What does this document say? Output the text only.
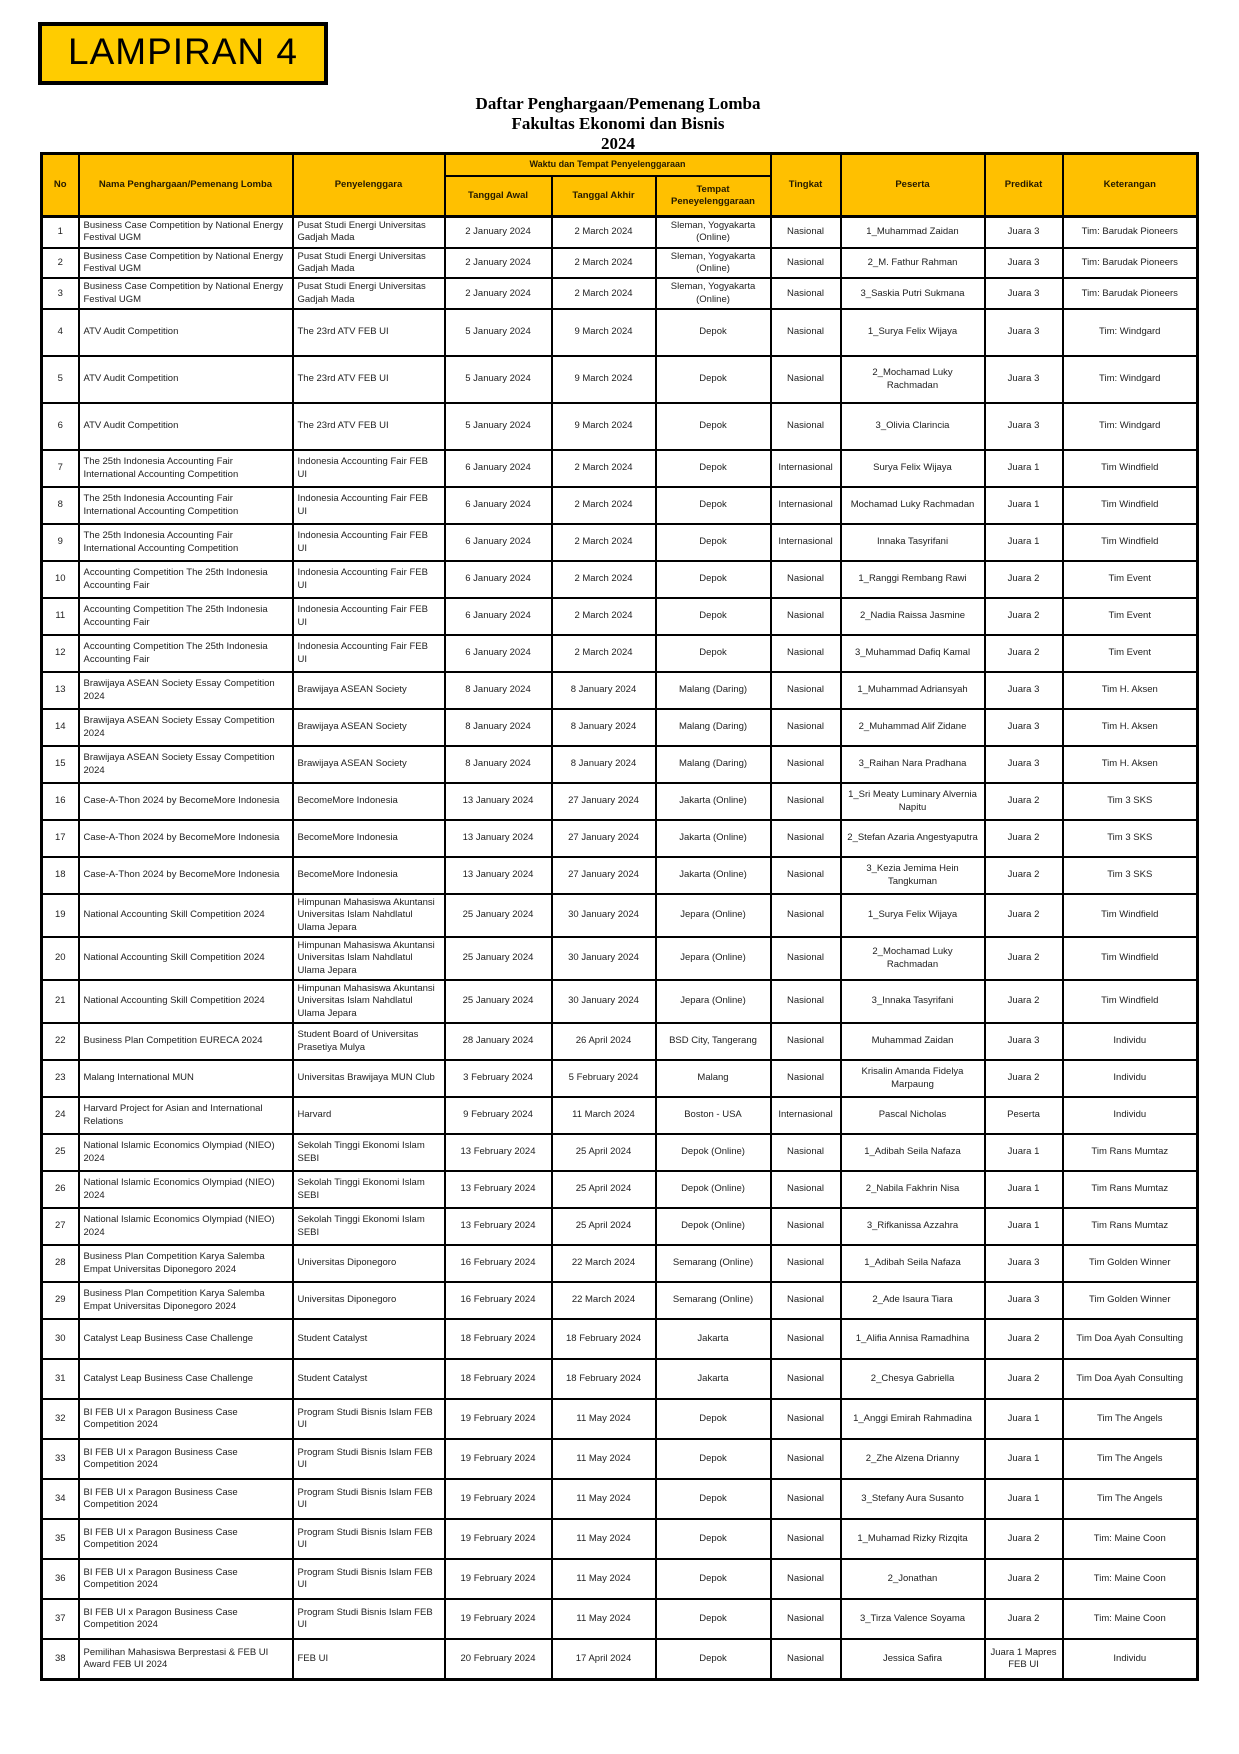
LAMPIRAN 4
Daftar Penghargaan/Pemenang Lomba
Fakultas Ekonomi dan Bisnis
2024
No	Nama Penghargaan/Pemenang Lomba	Penyelenggara	Waktu dan Tempat Penyelenggaraan			Tingkat	Peserta	Predikat	Keterangan
			Tanggal Awal	Tanggal Akhir	Tempat Peneyelenggaraan				
1	Business Case Competition by National Energy Festival UGM	Pusat Studi Energi Universitas Gadjah Mada	2 January 2024	2 March 2024	Sleman, Yogyakarta (Online)	Nasional	1_Muhammad Zaidan	Juara 3	Tim: Barudak Pioneers
2	Business Case Competition by National Energy Festival UGM	Pusat Studi Energi Universitas Gadjah Mada	2 January 2024	2 March 2024	Sleman, Yogyakarta (Online)	Nasional	2_M. Fathur Rahman	Juara 3	Tim: Barudak Pioneers
3	Business Case Competition by National Energy Festival UGM	Pusat Studi Energi Universitas Gadjah Mada	2 January 2024	2 March 2024	Sleman, Yogyakarta (Online)	Nasional	3_Saskia Putri Sukmana	Juara 3	Tim: Barudak Pioneers
4	ATV Audit Competition	The 23rd ATV FEB UI	5 January 2024	9 March 2024	Depok	Nasional	1_Surya Felix Wijaya	Juara 3	Tim: Windgard
5	ATV Audit Competition	The 23rd ATV FEB UI	5 January 2024	9 March 2024	Depok	Nasional	2_Mochamad Luky Rachmadan	Juara 3	Tim: Windgard
6	ATV Audit Competition	The 23rd ATV FEB UI	5 January 2024	9 March 2024	Depok	Nasional	3_Olivia Clarincia	Juara 3	Tim: Windgard
7	The 25th Indonesia Accounting Fair International Accounting Competition	Indonesia Accounting Fair FEB UI	6 January 2024	2 March 2024	Depok	Internasional	Surya Felix Wijaya	Juara 1	Tim Windfield
8	The 25th Indonesia Accounting Fair International Accounting Competition	Indonesia Accounting Fair FEB UI	6 January 2024	2 March 2024	Depok	Internasional	Mochamad Luky Rachmadan	Juara 1	Tim Windfield
9	The 25th Indonesia Accounting Fair International Accounting Competition	Indonesia Accounting Fair FEB UI	6 January 2024	2 March 2024	Depok	Internasional	Innaka Tasyrifani	Juara 1	Tim Windfield
10	Accounting Competition The 25th Indonesia Accounting Fair	Indonesia Accounting Fair FEB UI	6 January 2024	2 March 2024	Depok	Nasional	1_Ranggi Rembang Rawi	Juara 2	Tim Event
11	Accounting Competition The 25th Indonesia Accounting Fair	Indonesia Accounting Fair FEB UI	6 January 2024	2 March 2024	Depok	Nasional	2_Nadia Raissa Jasmine	Juara 2	Tim Event
12	Accounting Competition The 25th Indonesia Accounting Fair	Indonesia Accounting Fair FEB UI	6 January 2024	2 March 2024	Depok	Nasional	3_Muhammad Dafiq Kamal	Juara 2	Tim Event
13	Brawijaya ASEAN Society Essay Competition 2024	Brawijaya ASEAN Society	8 January 2024	8 January 2024	Malang (Daring)	Nasional	1_Muhammad Adriansyah	Juara 3	Tim H. Aksen
14	Brawijaya ASEAN Society Essay Competition 2024	Brawijaya ASEAN Society	8 January 2024	8 January 2024	Malang (Daring)	Nasional	2_Muhammad Alif Zidane	Juara 3	Tim H. Aksen
15	Brawijaya ASEAN Society Essay Competition 2024	Brawijaya ASEAN Society	8 January 2024	8 January 2024	Malang (Daring)	Nasional	3_Raihan Nara Pradhana	Juara 3	Tim H. Aksen
16	Case-A-Thon 2024 by BecomeMore Indonesia	BecomeMore Indonesia	13 January 2024	27 January 2024	Jakarta (Online)	Nasional	1_Sri Meaty Luminary Alvernia Napitu	Juara 2	Tim 3 SKS
17	Case-A-Thon 2024 by BecomeMore Indonesia	BecomeMore Indonesia	13 January 2024	27 January 2024	Jakarta (Online)	Nasional	2_Stefan Azaria Angestyaputra	Juara 2	Tim 3 SKS
18	Case-A-Thon 2024 by BecomeMore Indonesia	BecomeMore Indonesia	13 January 2024	27 January 2024	Jakarta (Online)	Nasional	3_Kezia Jemima Hein Tangkuman	Juara 2	Tim 3 SKS
19	National Accounting Skill Competition 2024	Himpunan Mahasiswa Akuntansi Universitas Islam Nahdlatul Ulama Jepara	25 January 2024	30 January 2024	Jepara (Online)	Nasional	1_Surya Felix Wijaya	Juara 2	Tim Windfield
20	National Accounting Skill Competition 2024	Himpunan Mahasiswa Akuntansi Universitas Islam Nahdlatul Ulama Jepara	25 January 2024	30 January 2024	Jepara (Online)	Nasional	2_Mochamad Luky Rachmadan	Juara 2	Tim Windfield
21	National Accounting Skill Competition 2024	Himpunan Mahasiswa Akuntansi Universitas Islam Nahdlatul Ulama Jepara	25 January 2024	30 January 2024	Jepara (Online)	Nasional	3_Innaka Tasyrifani	Juara 2	Tim Windfield
22	Business Plan Competition EURECA 2024	Student Board of Universitas Prasetiya Mulya	28 January 2024	26 April 2024	BSD City, Tangerang	Nasional	Muhammad Zaidan	Juara 3	Individu
23	Malang International MUN	Universitas Brawijaya MUN Club	3 February 2024	5 February 2024	Malang	Nasional	Krisalin Amanda Fidelya Marpaung	Juara 2	Individu
24	Harvard Project for Asian and International Relations	Harvard	9 February 2024	11 March 2024	Boston - USA	Internasional	Pascal Nicholas	Peserta	Individu
25	National Islamic Economics Olympiad (NIEO) 2024	Sekolah Tinggi Ekonomi Islam SEBI	13 February 2024	25 April 2024	Depok (Online)	Nasional	1_Adibah Seila Nafaza	Juara 1	Tim Rans Mumtaz
26	National Islamic Economics Olympiad (NIEO) 2024	Sekolah Tinggi Ekonomi Islam SEBI	13 February 2024	25 April 2024	Depok (Online)	Nasional	2_Nabila Fakhrin Nisa	Juara 1	Tim Rans Mumtaz
27	National Islamic Economics Olympiad (NIEO) 2024	Sekolah Tinggi Ekonomi Islam SEBI	13 February 2024	25 April 2024	Depok (Online)	Nasional	3_Rifkanissa Azzahra	Juara 1	Tim Rans Mumtaz
28	Business Plan Competition Karya Salemba Empat Universitas Diponegoro 2024	Universitas Diponegoro	16 February 2024	22 March 2024	Semarang (Online)	Nasional	1_Adibah Seila Nafaza	Juara 3	Tim Golden Winner
29	Business Plan Competition Karya Salemba Empat Universitas Diponegoro 2024	Universitas Diponegoro	16 February 2024	22 March 2024	Semarang (Online)	Nasional	2_Ade Isaura Tiara	Juara 3	Tim Golden Winner
30	Catalyst Leap Business Case Challenge	Student Catalyst	18 February 2024	18 February 2024	Jakarta	Nasional	1_Alifia Annisa Ramadhina	Juara 2	Tim Doa Ayah Consulting
31	Catalyst Leap Business Case Challenge	Student Catalyst	18 February 2024	18 February 2024	Jakarta	Nasional	2_Chesya Gabriella	Juara 2	Tim Doa Ayah Consulting
32	BI FEB UI x Paragon Business Case Competition 2024	Program Studi Bisnis Islam FEB UI	19 February 2024	11 May 2024	Depok	Nasional	1_Anggi Emirah Rahmadina	Juara 1	Tim The Angels
33	BI FEB UI x Paragon Business Case Competition 2024	Program Studi Bisnis Islam FEB UI	19 February 2024	11 May 2024	Depok	Nasional	2_Zhe Alzena Drianny	Juara 1	Tim The Angels
34	BI FEB UI x Paragon Business Case Competition 2024	Program Studi Bisnis Islam FEB UI	19 February 2024	11 May 2024	Depok	Nasional	3_Stefany Aura Susanto	Juara 1	Tim The Angels
35	BI FEB UI x Paragon Business Case Competition 2024	Program Studi Bisnis Islam FEB UI	19 February 2024	11 May 2024	Depok	Nasional	1_Muhamad Rizky Rizqita	Juara 2	Tim: Maine Coon
36	BI FEB UI x Paragon Business Case Competition 2024	Program Studi Bisnis Islam FEB UI	19 February 2024	11 May 2024	Depok	Nasional	2_Jonathan	Juara 2	Tim: Maine Coon
37	BI FEB UI x Paragon Business Case Competition 2024	Program Studi Bisnis Islam FEB UI	19 February 2024	11 May 2024	Depok	Nasional	3_Tirza Valence Soyama	Juara 2	Tim: Maine Coon
38	Pemilihan Mahasiswa Berprestasi & FEB UI Award FEB UI 2024	FEB UI	20 February 2024	17 April 2024	Depok	Nasional	Jessica Safira	Juara 1 Mapres FEB UI	Individu
